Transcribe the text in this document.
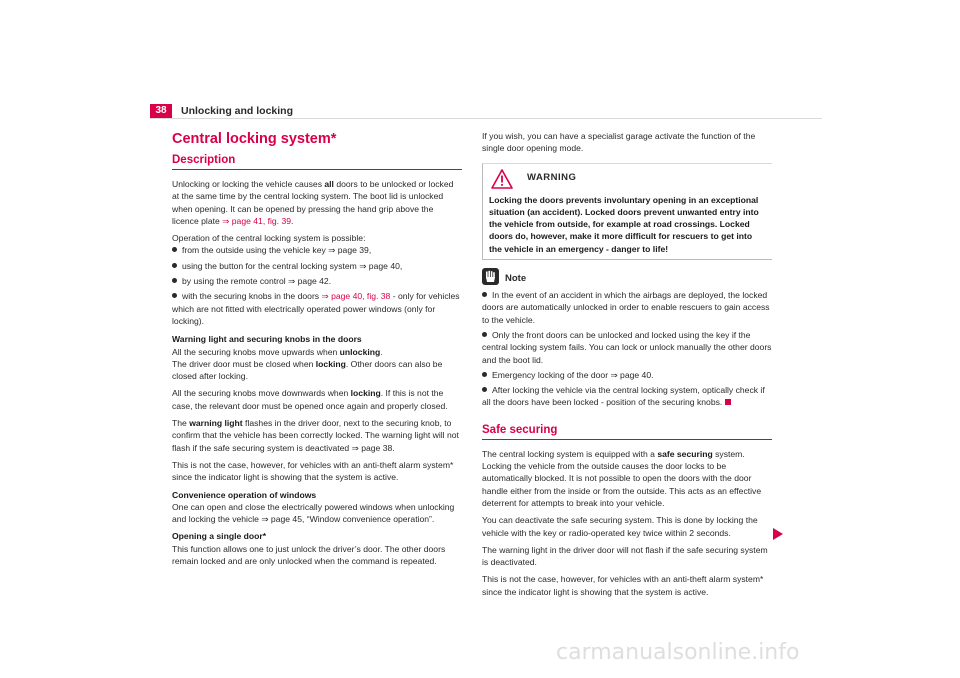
38	Unlocking and locking
Central locking system*
Description

Unlocking or locking the vehicle causes all doors to be unlocked or locked at the same time by the central locking system. The boot lid is unlocked when opening. It can be opened by pressing the hand grip above the licence plate ⇒ page 41, fig. 39.

Operation of the central locking system is possible:

from the outside using the vehicle key ⇒ page 39,
using the button for the central locking system ⇒ page 40,
by using the remote control ⇒ page 42.
with the securing knobs in the doors ⇒ page 40, fig. 38 - only for vehicles which are not fitted with electrically operated power windows (only for locking).

Warning light and securing knobs in the doors

All the securing knobs move upwards when unlocking.

The driver door must be closed when locking. Other doors can also be closed after locking.

All the securing knobs move downwards when locking. If this is not the case, the relevant door must be opened once again and properly closed.

The warning light flashes in the driver door, next to the securing knob, to confirm that the vehicle has been correctly locked. The warning light will not flash if the safe securing system is deactivated ⇒ page 38.

This is not the case, however, for vehicles with an anti-theft alarm system* since the indicator light is showing that the system is active.

Convenience operation of windows

One can open and close the electrically powered windows when unlocking and locking the vehicle ⇒ page 45, “Window convenience operation”.

Opening a single door*

This function allows one to just unlock the driver’s door. The other doors remain locked and are only unlocked when the command is repeated.

If you wish, you can have a specialist garage activate the function of the single door opening mode.

WARNING
Locking the doors prevents involuntary opening in an exceptional situation (an accident). Locked doors prevent unwanted entry into the vehicle from outside, for example at road crossings. Locked doors do, however, make it more difficult for rescuers to get into the vehicle in an emergency - danger to life!
Note
In the event of an accident in which the airbags are deployed, the locked doors are automatically unlocked in order to enable rescuers to gain access to the vehicle.
Only the front doors can be unlocked and locked using the key if the central locking system fails. You can lock or unlock manually the other doors and the boot lid.
Emergency locking of the door ⇒ page 40.
After locking the vehicle via the central locking system, optically check if all the doors have been locked - position of the securing knobs.
Safe securing

The central locking system is equipped with a safe securing system. Locking the vehicle from the outside causes the door locks to be automatically blocked. It is not possible to open the doors with the door handle either from the inside or from the outside. This acts as an effective deterrent for attempts to break into your vehicle.

You can deactivate the safe securing system. This is done by locking the vehicle with the key or radio-operated key twice within 2 seconds.

The warning light in the driver door will not flash if the safe securing system is deactivated.

This is not the case, however, for vehicles with an anti-theft alarm system* since the indicator light is showing that the system is active.

carmanualsonline.info
